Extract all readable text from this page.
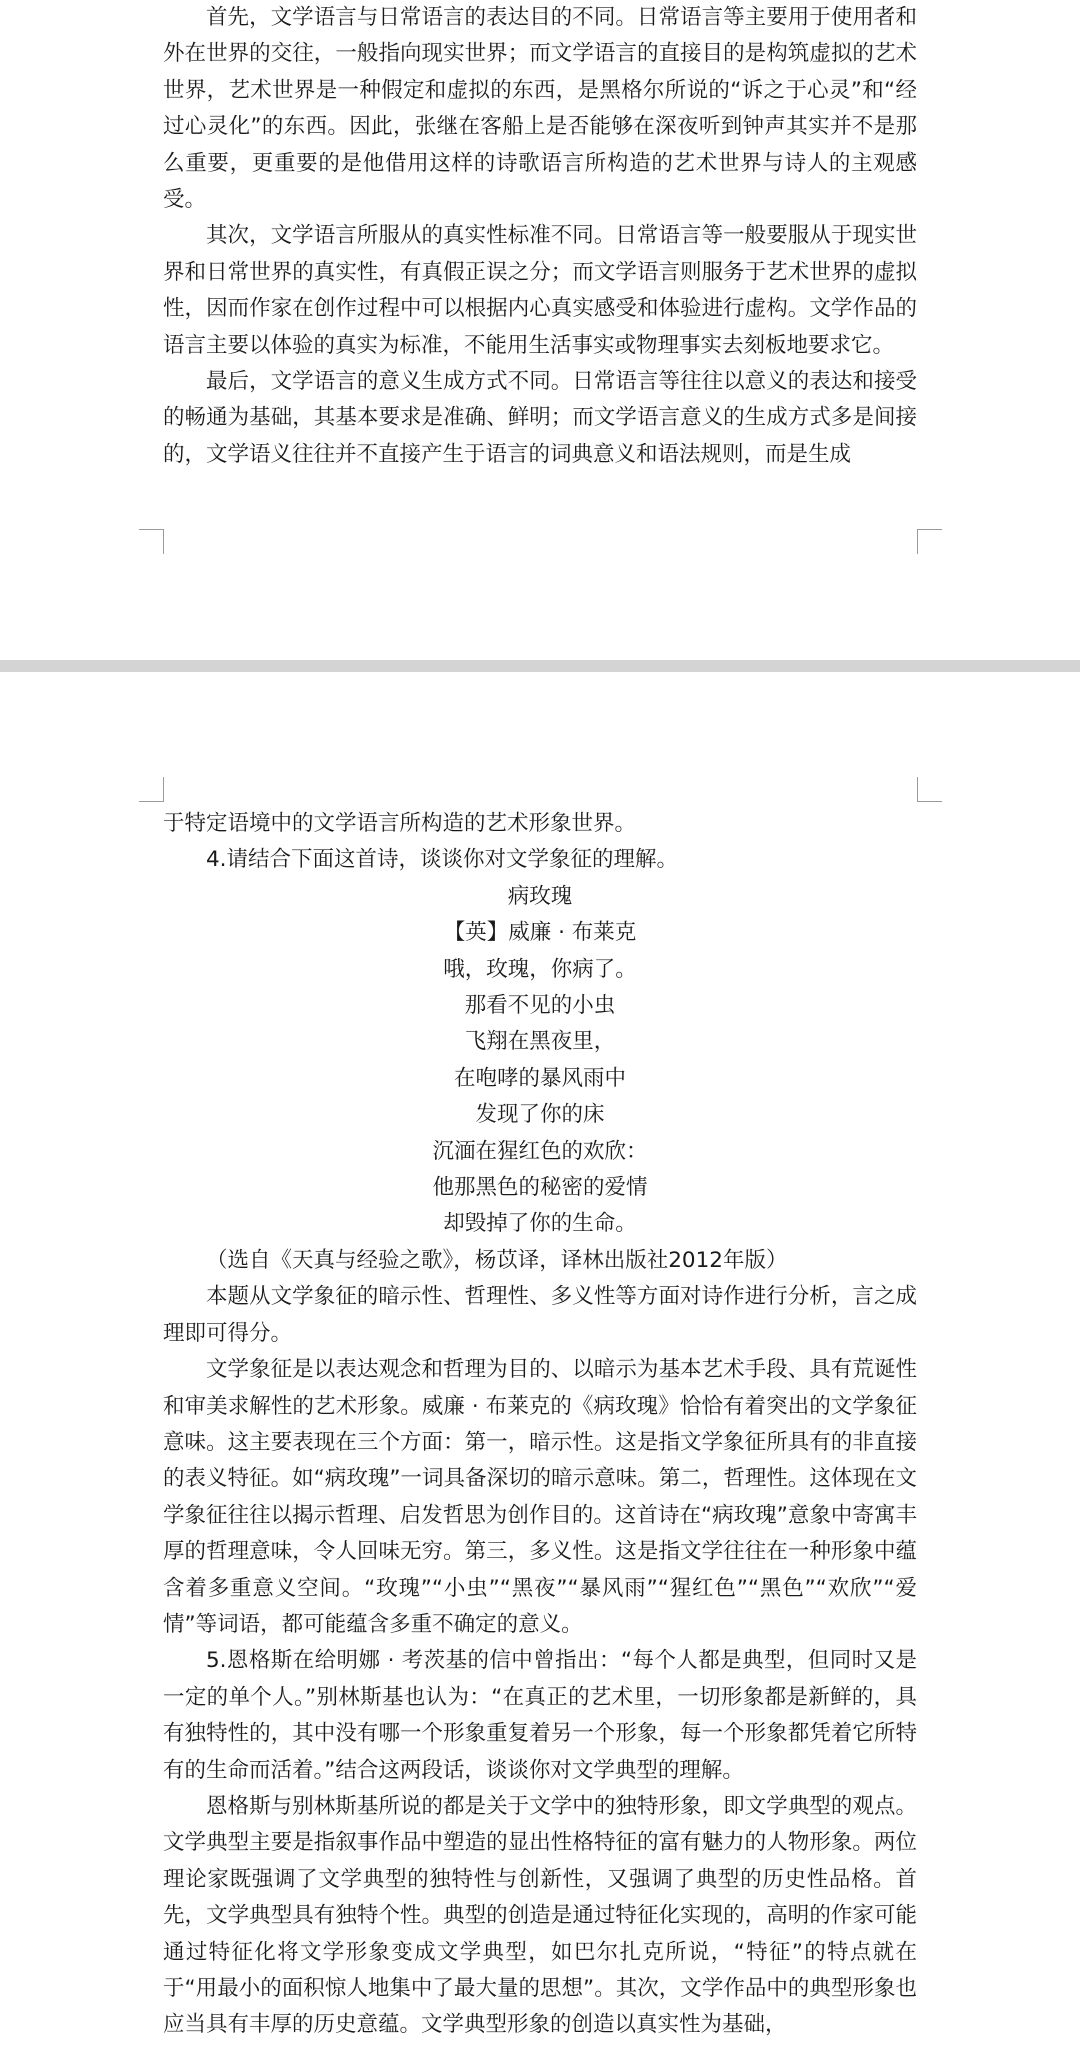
首先，文学语言与日常语言的表达目的不同。日常语言等主要用于使用者和外在世界的交往，一般指向现实世界；而文学语言的直接目的是构筑虚拟的艺术世界，艺术世界是一种假定和虚拟的东西，是黑格尔所说的“诉之于心灵”和“经过心灵化”的东西。因此，张继在客船上是否能够在深夜听到钟声其实并不是那么重要，更重要的是他借用这样的诗歌语言所构造的艺术世界与诗人的主观感受。

其次，文学语言所服从的真实性标准不同。日常语言等一般要服从于现实世界和日常世界的真实性，有真假正误之分；而文学语言则服务于艺术世界的虚拟性，因而作家在创作过程中可以根据内心真实感受和体验进行虚构。文学作品的语言主要以体验的真实为标准，不能用生活事实或物理事实去刻板地要求它。

最后，文学语言的意义生成方式不同。日常语言等往往以意义的表达和接受的畅通为基础，其基本要求是准确、鲜明；而文学语言意义的生成方式多是间接的，文学语义往往并不直接产生于语言的词典意义和语法规则，而是生成

于特定语境中的文学语言所构造的艺术形象世界。

4.请结合下面这首诗，谈谈你对文学象征的理解。

病玫瑰

【英】威廉 · 布莱克

哦，玫瑰，你病了。

那看不见的小虫

飞翔在黑夜里，

在咆哮的暴风雨中

发现了你的床

沉湎在猩红色的欢欣：

他那黑色的秘密的爱情

却毁掉了你的生命。

（选自《天真与经验之歌》，杨苡译，译林出版社2012年版）

本题从文学象征的暗示性、哲理性、多义性等方面对诗作进行分析，言之成理即可得分。

文学象征是以表达观念和哲理为目的、以暗示为基本艺术手段、具有荒诞性和审美求解性的艺术形象。威廉 · 布莱克的《病玫瑰》恰恰有着突出的文学象征意味。这主要表现在三个方面：第一，暗示性。这是指文学象征所具有的非直接的表义特征。如“病玫瑰”一词具备深切的暗示意味。第二，哲理性。这体现在文学象征往往以揭示哲理、启发哲思为创作目的。这首诗在“病玫瑰”意象中寄寓丰厚的哲理意味，令人回味无穷。第三，多义性。这是指文学往往在一种形象中蕴含着多重意义空间。“玫瑰”“小虫”“黑夜”“暴风雨”“猩红色”“黑色”“欢欣”“爱情”等词语，都可能蕴含多重不确定的意义。

5.恩格斯在给明娜 · 考茨基的信中曾指出：“每个人都是典型，但同时又是一定的单个人。”别林斯基也认为：“在真正的艺术里，一切形象都是新鲜的，具有独特性的，其中没有哪一个形象重复着另一个形象，每一个形象都凭着它所特有的生命而活着。”结合这两段话，谈谈你对文学典型的理解。

恩格斯与别林斯基所说的都是关于文学中的独特形象，即文学典型的观点。文学典型主要是指叙事作品中塑造的显出性格特征的富有魅力的人物形象。两位理论家既强调了文学典型的独特性与创新性，又强调了典型的历史性品格。首先，文学典型具有独特个性。典型的创造是通过特征化实现的，高明的作家可能通过特征化将文学形象变成文学典型，如巴尔扎克所说，“特征”的特点就在于“用最小的面积惊人地集中了最大量的思想”。其次，文学作品中的典型形象也应当具有丰厚的历史意蕴。文学典型形象的创造以真实性为基础，
